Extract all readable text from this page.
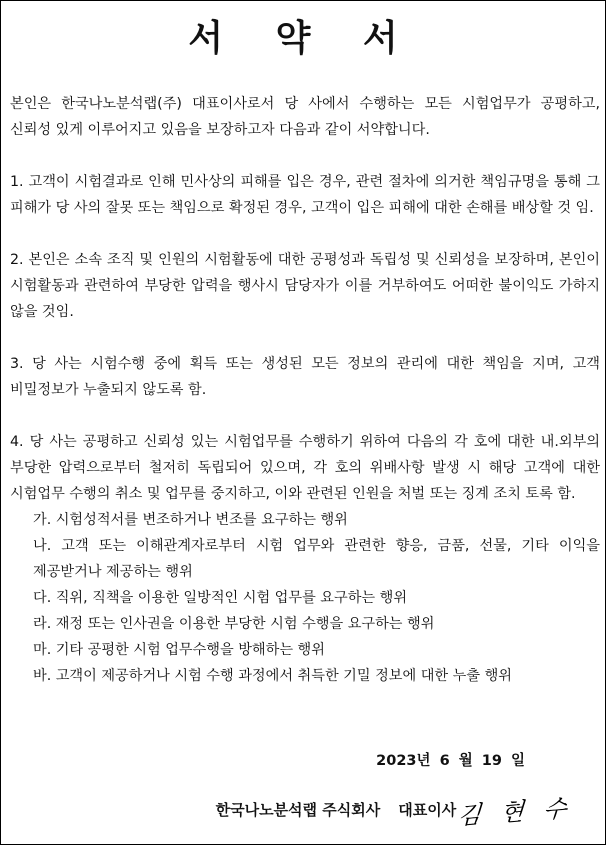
서 약 서

본인은 한국나노분석랩(주) 대표이사로서 당 사에서 수행하는 모든 시험업무가 공평하고, 신뢰성 있게 이루어지고 있음을 보장하고자 다음과 같이 서약합니다.

1. 고객이 시험결과로 인해 민사상의 피해를 입은 경우, 관련 절차에 의거한 책임규명을 통해 그 피해가 당 사의 잘못 또는 책임으로 확정된 경우, 고객이 입은 피해에 대한 손해를 배상할 것 임.

2. 본인은 소속 조직 및 인원의 시험활동에 대한 공평성과 독립성 및 신뢰성을 보장하며, 본인이 시험활동과 관련하여 부당한 압력을 행사시 담당자가 이를 거부하여도 어떠한 불이익도 가하지 않을 것임.

3. 당 사는 시험수행 중에 획득 또는 생성된 모든 정보의 관리에 대한 책임을 지며, 고객 비밀정보가 누출되지 않도록 함.

4. 당 사는 공평하고 신뢰성 있는 시험업무를 수행하기 위하여 다음의 각 호에 대한 내.외부의 부당한 압력으로부터 철저히 독립되어 있으며, 각 호의 위배사항 발생 시 해당 고객에 대한 시험업무 수행의 취소 및 업무를 중지하고, 이와 관련된 인원을 처벌 또는 징계 조치 토록 함.

가. 시험성적서를 변조하거나 변조를 요구하는 행위

나. 고객 또는 이해관계자로부터 시험 업무와 관련한 향응, 금품, 선물, 기타 이익을 제공받거나 제공하는 행위

다. 직위, 직책을 이용한 일방적인 시험 업무를 요구하는 행위

라. 재정 또는 인사권을 이용한 부당한 시험 수행을 요구하는 행위

마. 기타 공평한 시험 업무수행을 방해하는 행위

바. 고객이 제공하거나 시험 수행 과정에서 취득한 기밀 정보에 대한 누출 행위

2023년 6 월 19 일
한국나노분석랩 주식회사 대표이사 김 현 수
